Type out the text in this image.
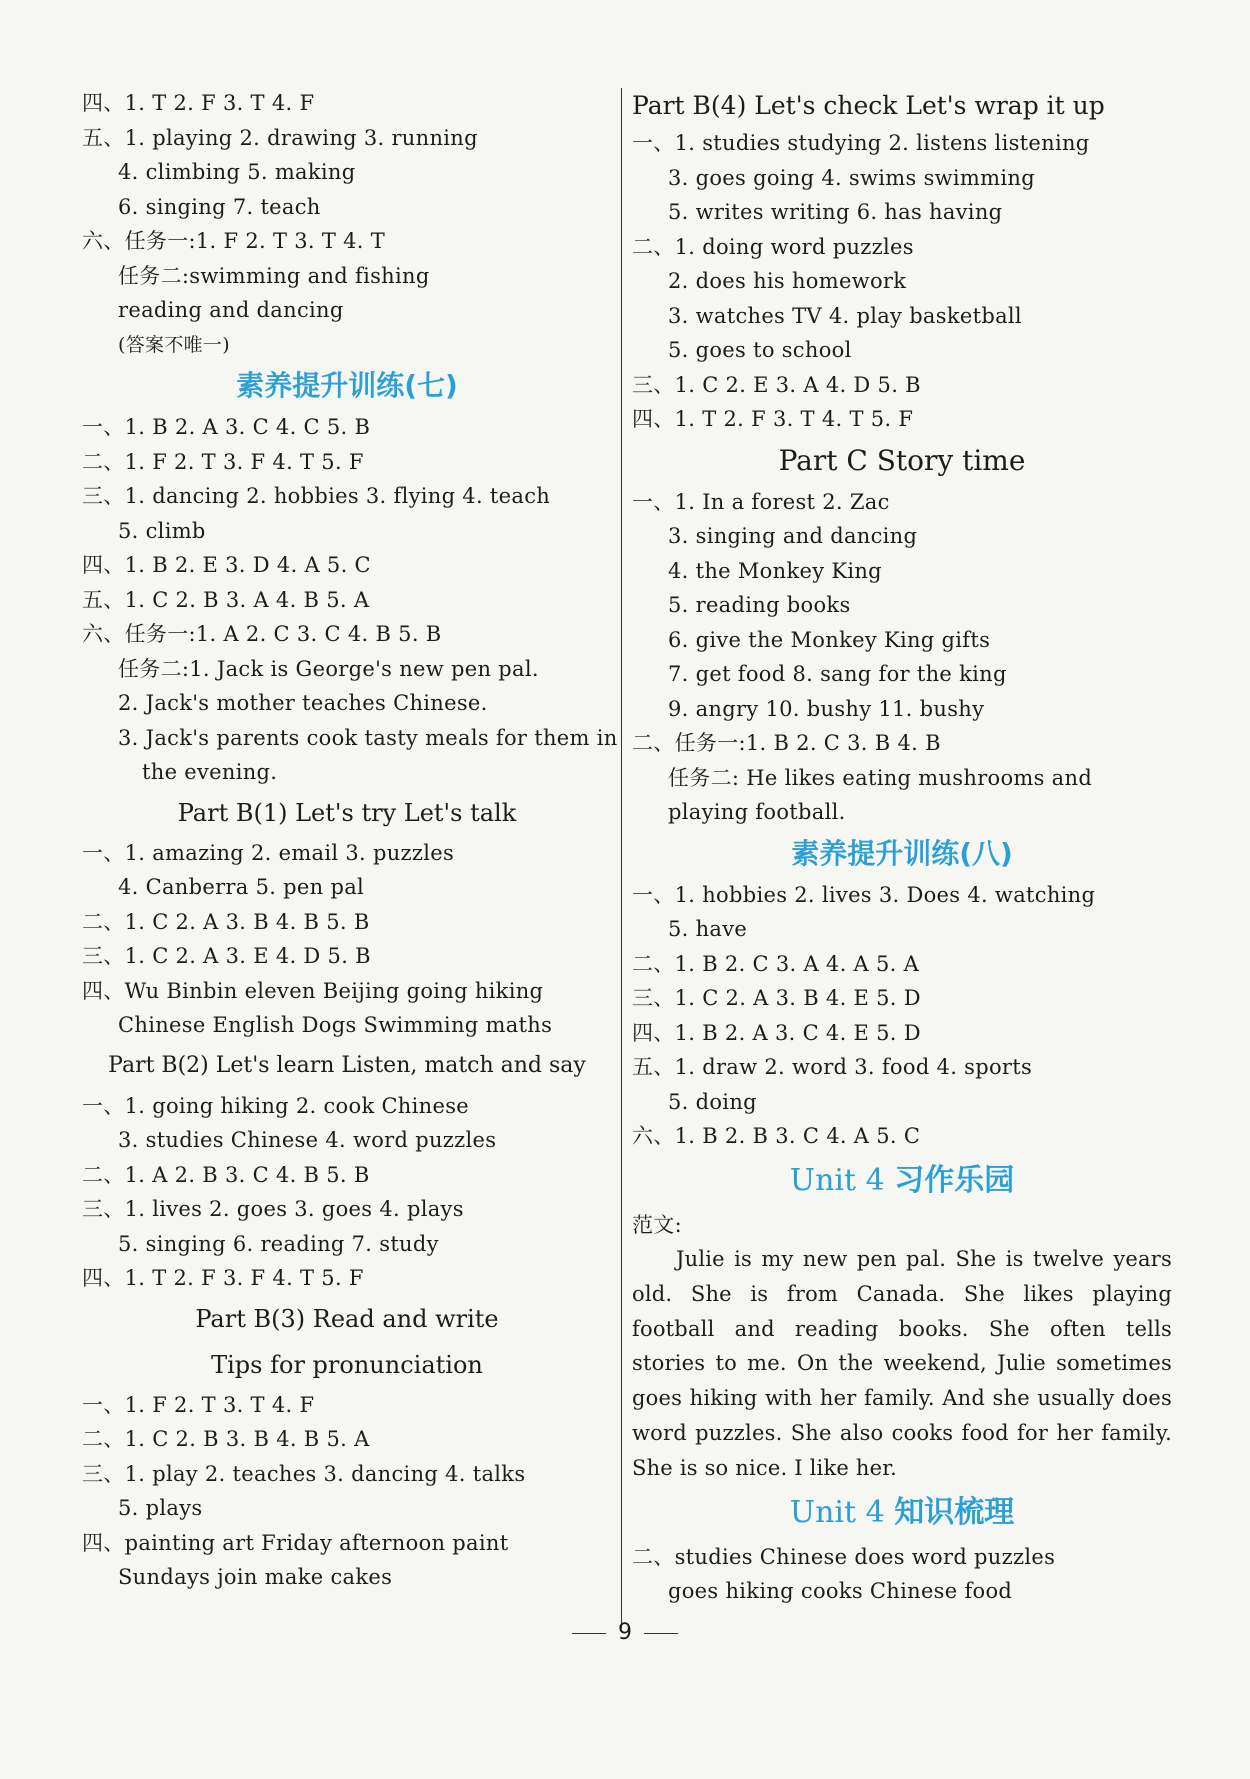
四、1. T 2. F 3. T 4. F
五、1. playing 2. drawing 3. running
4. climbing 5. making
6. singing 7. teach
六、任务一:1. F 2. T 3. T 4. T
任务二:swimming and fishing
reading and dancing
(答案不唯一)
素养提升训练(七)
一、1. B 2. A 3. C 4. C 5. B
二、1. F 2. T 3. F 4. T 5. F
三、1. dancing 2. hobbies 3. flying 4. teach
5. climb
四、1. B 2. E 3. D 4. A 5. C
五、1. C 2. B 3. A 4. B 5. A
六、任务一:1. A 2. C 3. C 4. B 5. B
任务二:1. Jack is George's new pen pal.
2. Jack's mother teaches Chinese.
3. Jack's parents cook tasty meals for them in
the evening.
Part B(1) Let's try Let's talk
一、1. amazing 2. email 3. puzzles
4. Canberra 5. pen pal
二、1. C 2. A 3. B 4. B 5. B
三、1. C 2. A 3. E 4. D 5. B
四、Wu Binbin eleven Beijing going hiking
Chinese English Dogs Swimming maths
Part B(2) Let's learn Listen, match and say
一、1. going hiking 2. cook Chinese
3. studies Chinese 4. word puzzles
二、1. A 2. B 3. C 4. B 5. B
三、1. lives 2. goes 3. goes 4. plays
5. singing 6. reading 7. study
四、1. T 2. F 3. F 4. T 5. F
Part B(3) Read and write
Tips for pronunciation
一、1. F 2. T 3. T 4. F
二、1. C 2. B 3. B 4. B 5. A
三、1. play 2. teaches 3. dancing 4. talks
5. plays
四、painting art Friday afternoon paint
Sundays join make cakes
Part B(4) Let's check Let's wrap it up
一、1. studies studying 2. listens listening
3. goes going 4. swims swimming
5. writes writing 6. has having
二、1. doing word puzzles
2. does his homework
3. watches TV 4. play basketball
5. goes to school
三、1. C 2. E 3. A 4. D 5. B
四、1. T 2. F 3. T 4. T 5. F
Part C Story time
一、1. In a forest 2. Zac
3. singing and dancing
4. the Monkey King
5. reading books
6. give the Monkey King gifts
7. get food 8. sang for the king
9. angry 10. bushy 11. bushy
二、任务一:1. B 2. C 3. B 4. B
任务二: He likes eating mushrooms and
playing football.
素养提升训练(八)
一、1. hobbies 2. lives 3. Does 4. watching
5. have
二、1. B 2. C 3. A 4. A 5. A
三、1. C 2. A 3. B 4. E 5. D
四、1. B 2. A 3. C 4. E 5. D
五、1. draw 2. word 3. food 4. sports
5. doing
六、1. B 2. B 3. C 4. A 5. C
Unit 4 习作乐园
范文:
Julie is my new pen pal. She is twelve years old. She is from Canada. She likes playing football and reading books. She often tells stories to me. On the weekend, Julie sometimes goes hiking with her family. And she usually does word puzzles. She also cooks food for her family. She is so nice. I like her.
Unit 4 知识梳理
二、studies Chinese does word puzzles
goes hiking cooks Chinese food
9
